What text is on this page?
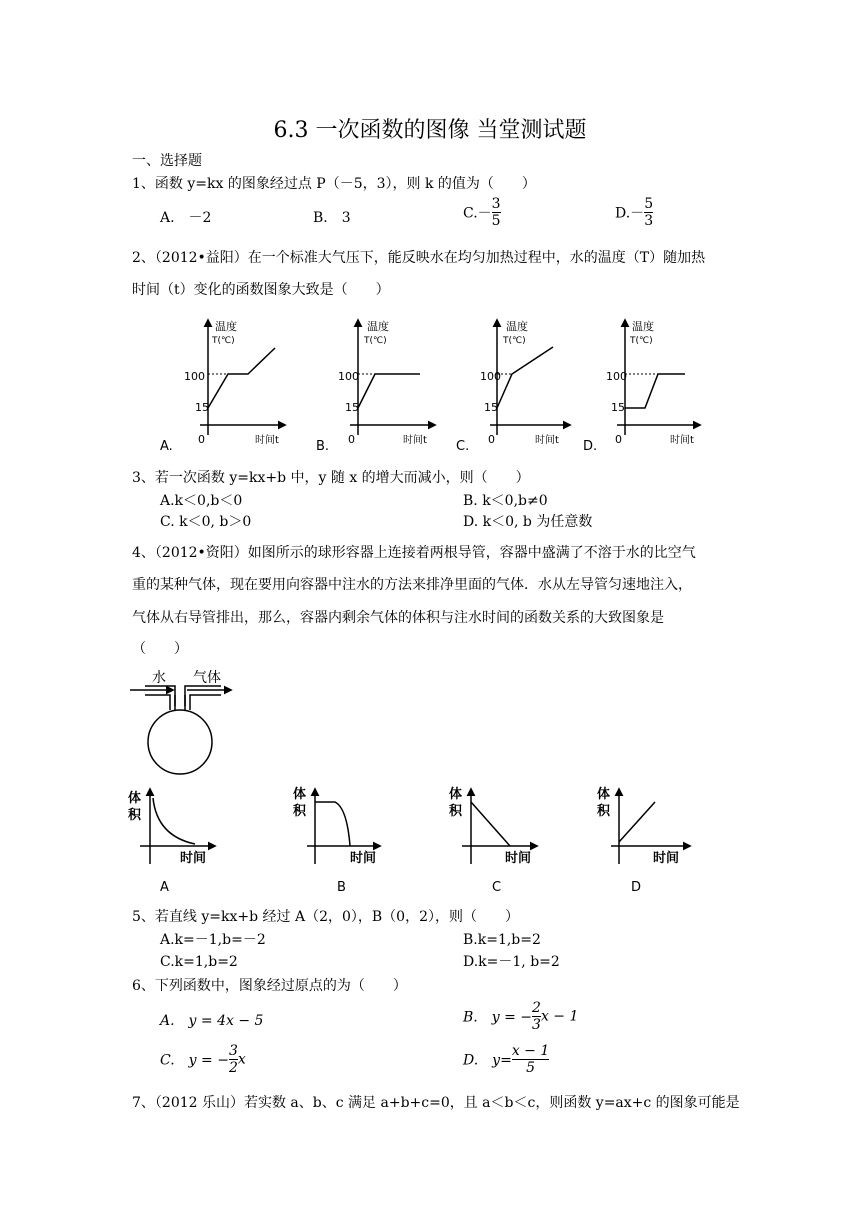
6.3 一次函数的图像 当堂测试题
一、选择题
1、函数 y=kx 的图象经过点 P（－5，3），则 k 的值为（　　）
A.　－2	B.　3	$C.- \frac{3}{5}$	$D.- \frac{5}{3}$
2、（2012•益阳）在一个标准大气压下，能反映水在均匀加热过程中，水的温度（T）随加热
时间（t）变化的函数图象大致是（　　）
A.
温度
T(℃)
100
15
0	时间t	B.
温度
T(℃)
100
15
0	时间t C.
温度
T(℃)
100
15
0	时间t D.
温度
T(℃)
100
15
0	时间t
3、若一次函数 y=kx+b 中，y 随 x 的增大而减小，则（　　）
A.k＜0,b＜0	B. k＜0,b≠0
C. k＜0, b＞0	D. k＜0, b 为任意数
4、（2012•资阳）如图所示的球形容器上连接着两根导管，容器中盛满了不溶于水的比空气
重的某种气体，现在要用向容器中注水的方法来排净里面的气体．水从左导管匀速地注入，
气体从右导管排出，那么，容器内剩余气体的体积与注水时间的函数关系的大致图象是
（　　）
水 气体
体
积
时间
A
体
积
时间
B
体
积
时间
C
体
积
时间
D
5、若直线 y=kx+b 经过 A（2，0），B（0，2），则（　　）
A.k=－1,b=－2	B.k=1,b=2
C.k=1,b=2	D.k=－1, b=2
6、下列函数中，图象经过原点的为（　　）
A.　y = 4x − 5	B.　y = − $\frac{2}{3}$ x − 1
C.　y = − $\frac{3}{2}$ x	D.　$y= \frac{x - 1}{5}$
7、（2012 乐山）若实数 a、b、c 满足 a+b+c=0，且 a＜b＜c，则函数 y=ax+c 的图象可能是
